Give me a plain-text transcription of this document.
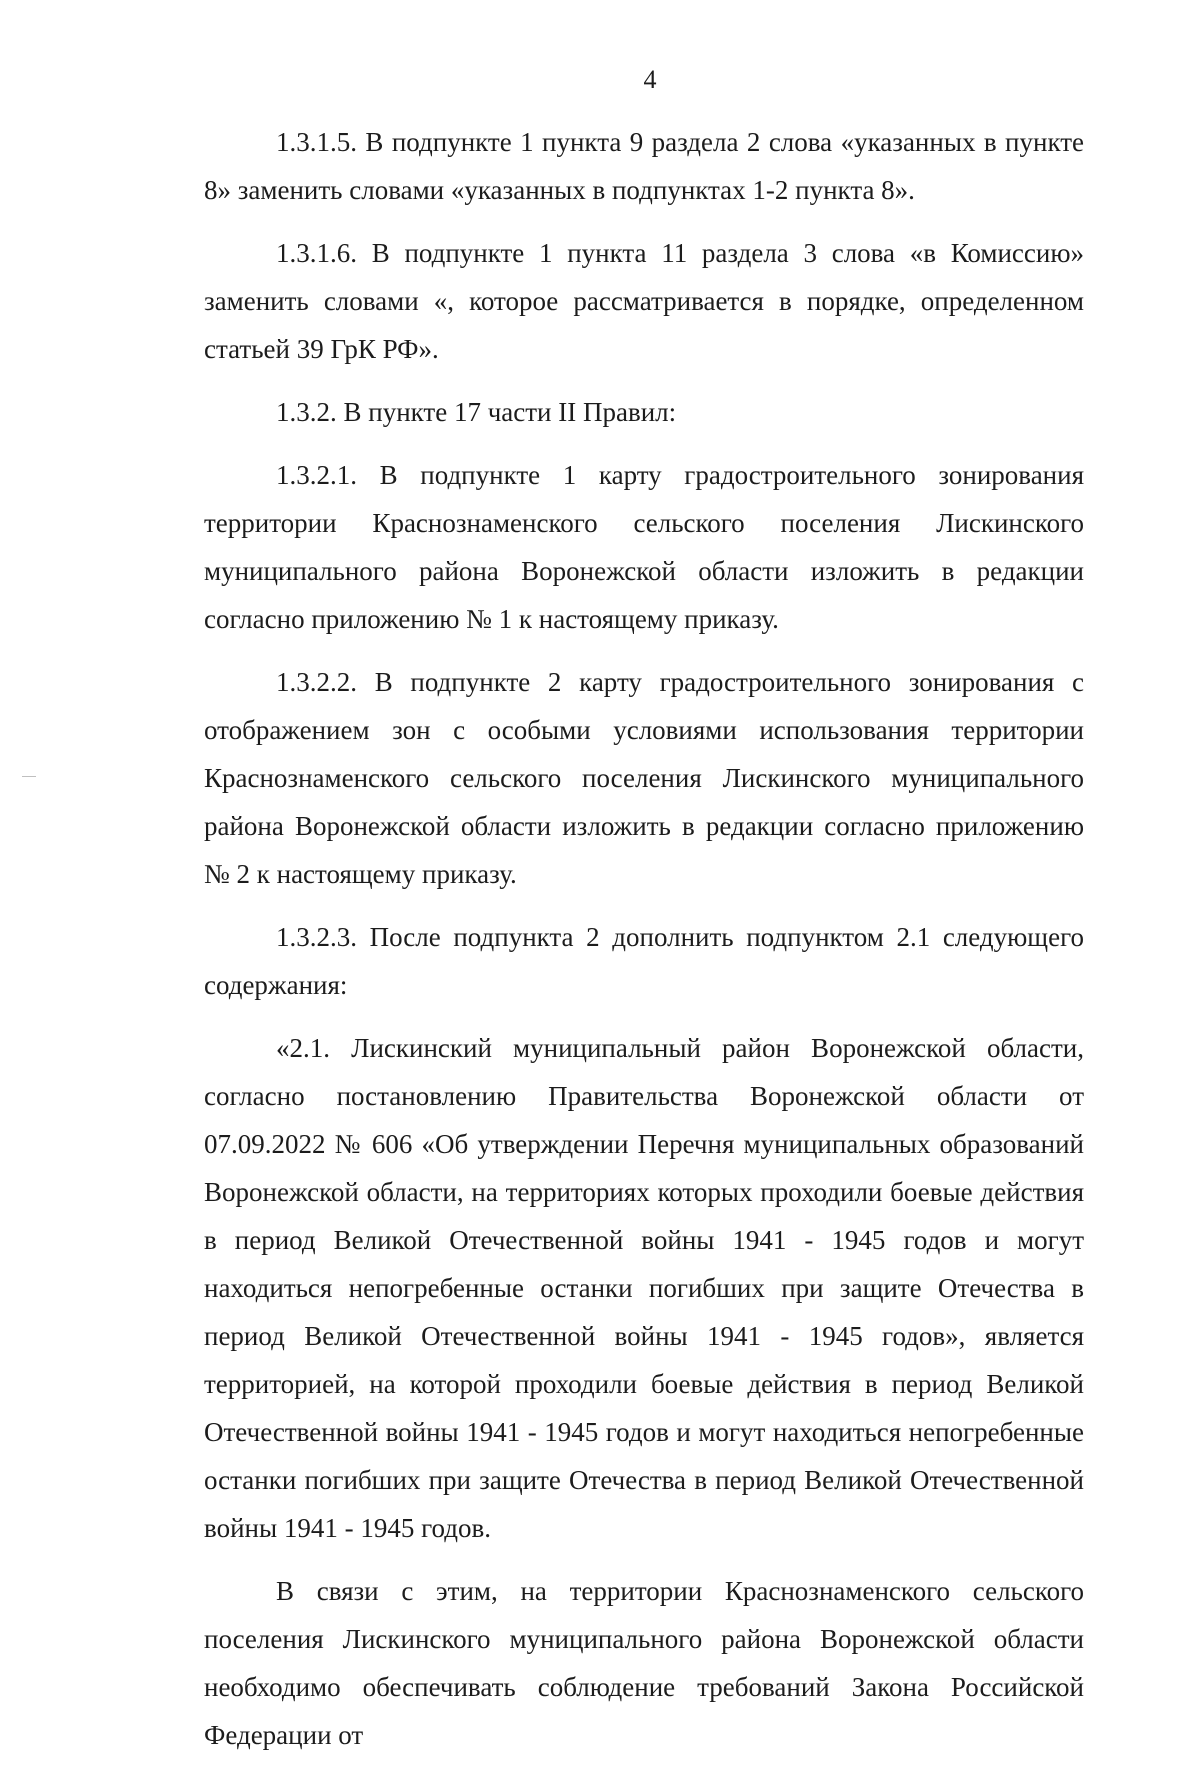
4

1.3.1.5. В подпункте 1 пункта 9 раздела 2 слова «указанных в пункте 8» заменить словами «указанных в подпунктах 1-2 пункта 8».

1.3.1.6. В подпункте 1 пункта 11 раздела 3 слова «в Комиссию» заменить словами «, которое рассматривается в порядке, определенном статьей 39 ГрК РФ».

1.3.2. В пункте 17 части II Правил:

1.3.2.1. В подпункте 1 карту градостроительного зонирования территории Краснознаменского сельского поселения Лискинского муниципального района Воронежской области изложить в редакции согласно приложению № 1 к настоящему приказу.

1.3.2.2. В подпункте 2 карту градостроительного зонирования с отображением зон с особыми условиями использования территории Краснознаменского сельского поселения Лискинского муниципального района Воронежской области изложить в редакции согласно приложению № 2 к настоящему приказу.

1.3.2.3. После подпункта 2 дополнить подпунктом 2.1 следующего содержания:

«2.1. Лискинский муниципальный район Воронежской области, согласно постановлению Правительства Воронежской области от 07.09.2022 № 606 «Об утверждении Перечня муниципальных образований Воронежской области, на территориях которых проходили боевые действия в период Великой Отечественной войны 1941 - 1945 годов и могут находиться непогребенные останки погибших при защите Отечества в период Великой Отечественной войны 1941 - 1945 годов», является территорией, на которой проходили боевые действия в период Великой Отечественной войны 1941 - 1945 годов и могут находиться непогребенные останки погибших при защите Отечества в период Великой Отечественной войны 1941 - 1945 годов.

В связи с этим, на территории Краснознаменского сельского поселения Лискинского муниципального района Воронежской области необходимо обеспечивать соблюдение требований Закона Российской Федерации от
